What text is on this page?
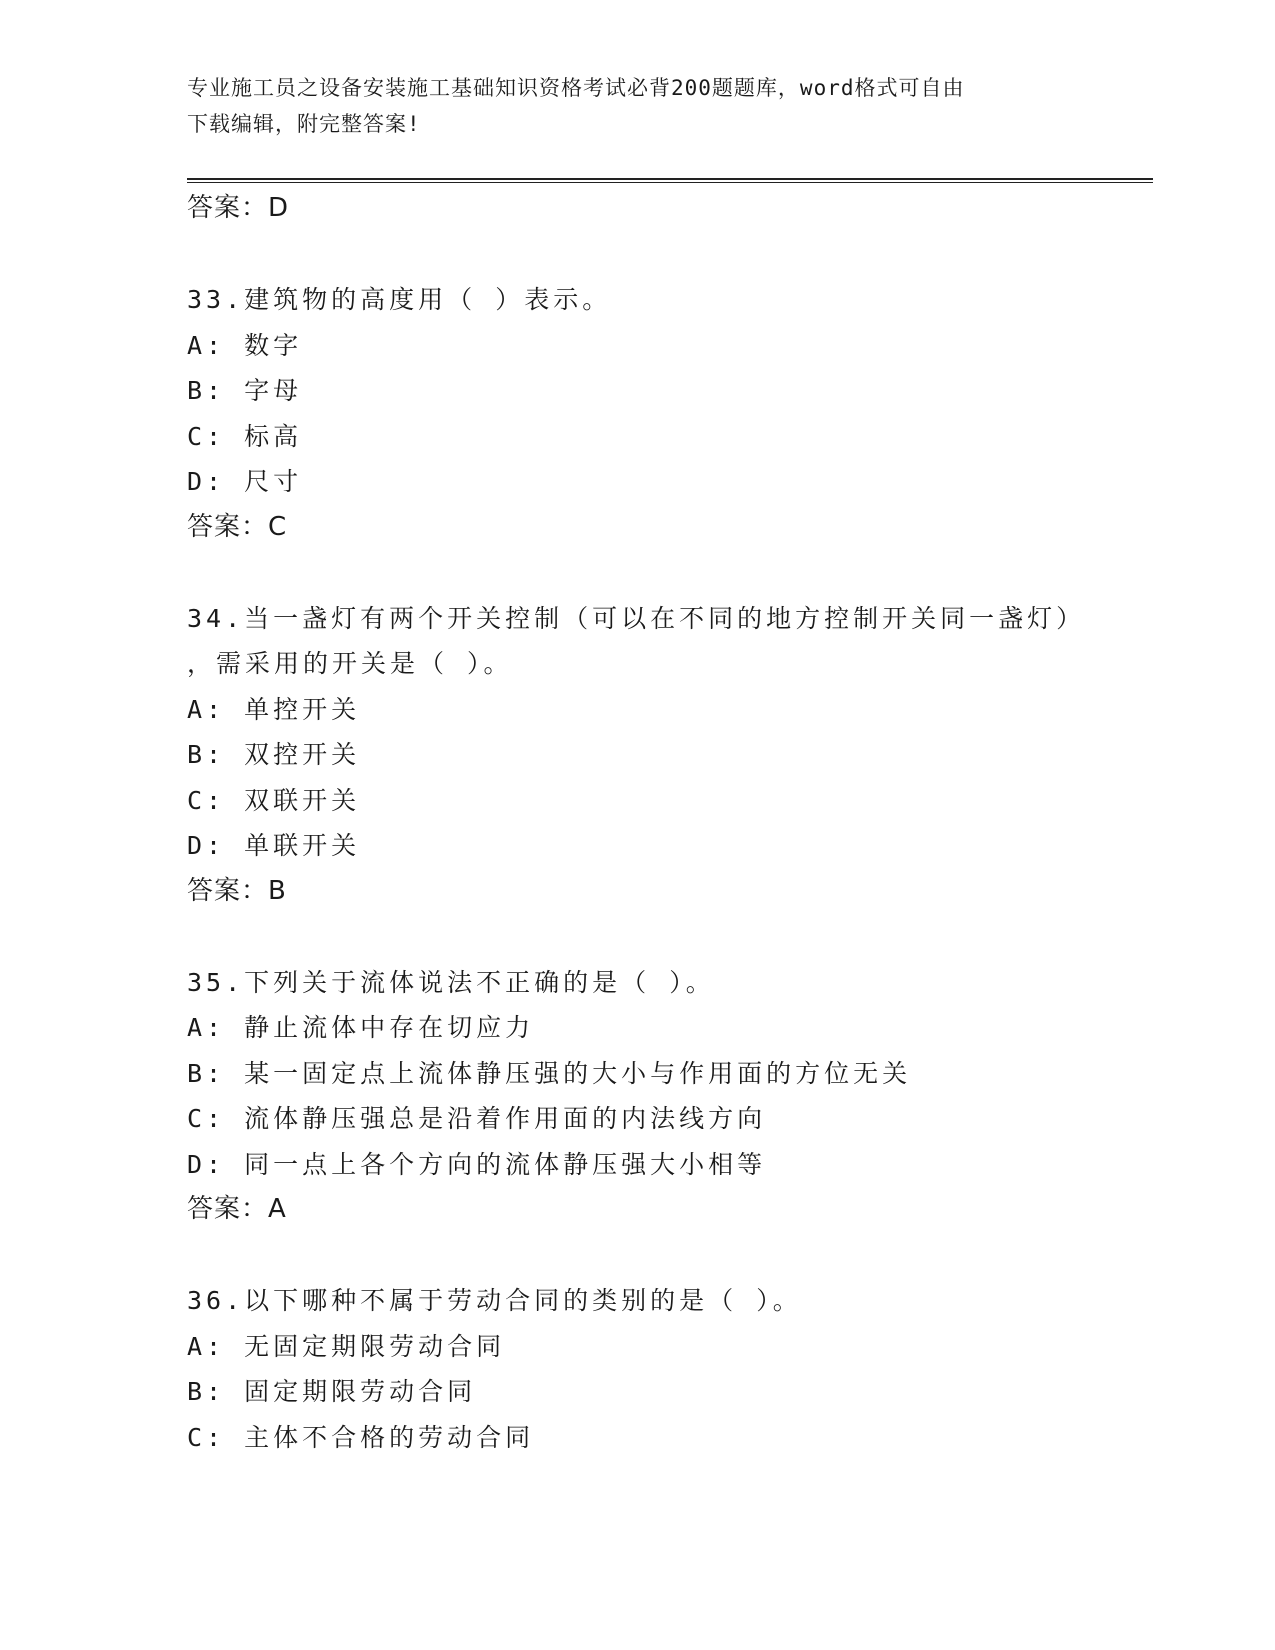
专业施工员之设备安装施工基础知识资格考试必背200题题库，word格式可自由
下载编辑，附完整答案!
答案：D
33.建筑物的高度用（ ）表示。
A: 数字
B: 字母
C: 标高
D: 尺寸
答案：C
34.当一盏灯有两个开关控制（可以在不同的地方控制开关同一盏灯）
，需采用的开关是（ ）。
A: 单控开关
B: 双控开关
C: 双联开关
D: 单联开关
答案：B
35.下列关于流体说法不正确的是（ ）。
A: 静止流体中存在切应力
B: 某一固定点上流体静压强的大小与作用面的方位无关
C: 流体静压强总是沿着作用面的内法线方向
D: 同一点上各个方向的流体静压强大小相等
答案：A
36.以下哪种不属于劳动合同的类别的是（ ）。
A: 无固定期限劳动合同
B: 固定期限劳动合同
C: 主体不合格的劳动合同
